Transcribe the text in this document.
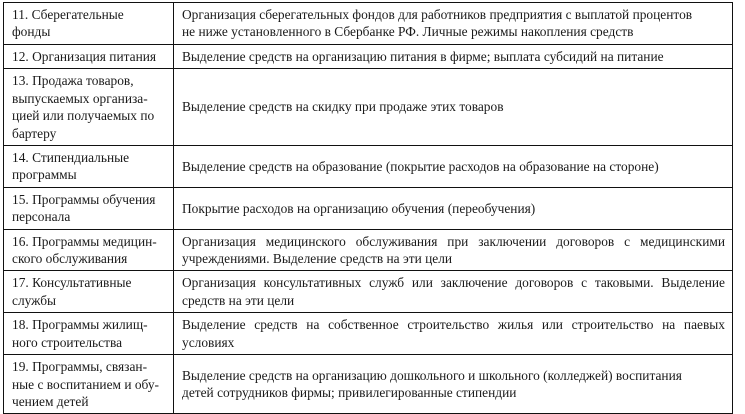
11. Сберегательные
фонды	Организация сберегательных фондов для работников предприятия с выплатой процентов
не ниже установленного в Сбербанке РФ. Личные режимы накопления средств

12. Организация питания	Выделение средств на организацию питания в фирме; выплата субсидий на питание

13. Продажа товаров,
выпускаемых организа-
цией или получаемых по
бартеру	Выделение средств на скидку при продаже этих товаров

14. Стипендиальные
программы	Выделение средств на образование (покрытие расходов на образование на стороне)

15. Программы обучения
персонала	Покрытие расходов на организацию обучения (переобучения)

16. Программы медицин-
ского обслуживания	Организация медицинского обслуживания при заключении договоров с медицинскими учреждениями. Выделение средств на эти цели

17. Консультативные
службы	Организация консультативных служб или заключение договоров с таковыми. Выделение средств на эти цели

18. Программы жилищ-
ного строительства	Выделение средств на собственное строительство жилья или строительство на паевых условиях

19. Программы, связан-
ные с воспитанием и обу-
чением детей	Выделение средств на организацию дошкольного и школьного (колледжей) воспитания
детей сотрудников фирмы; привилегированные стипендии
